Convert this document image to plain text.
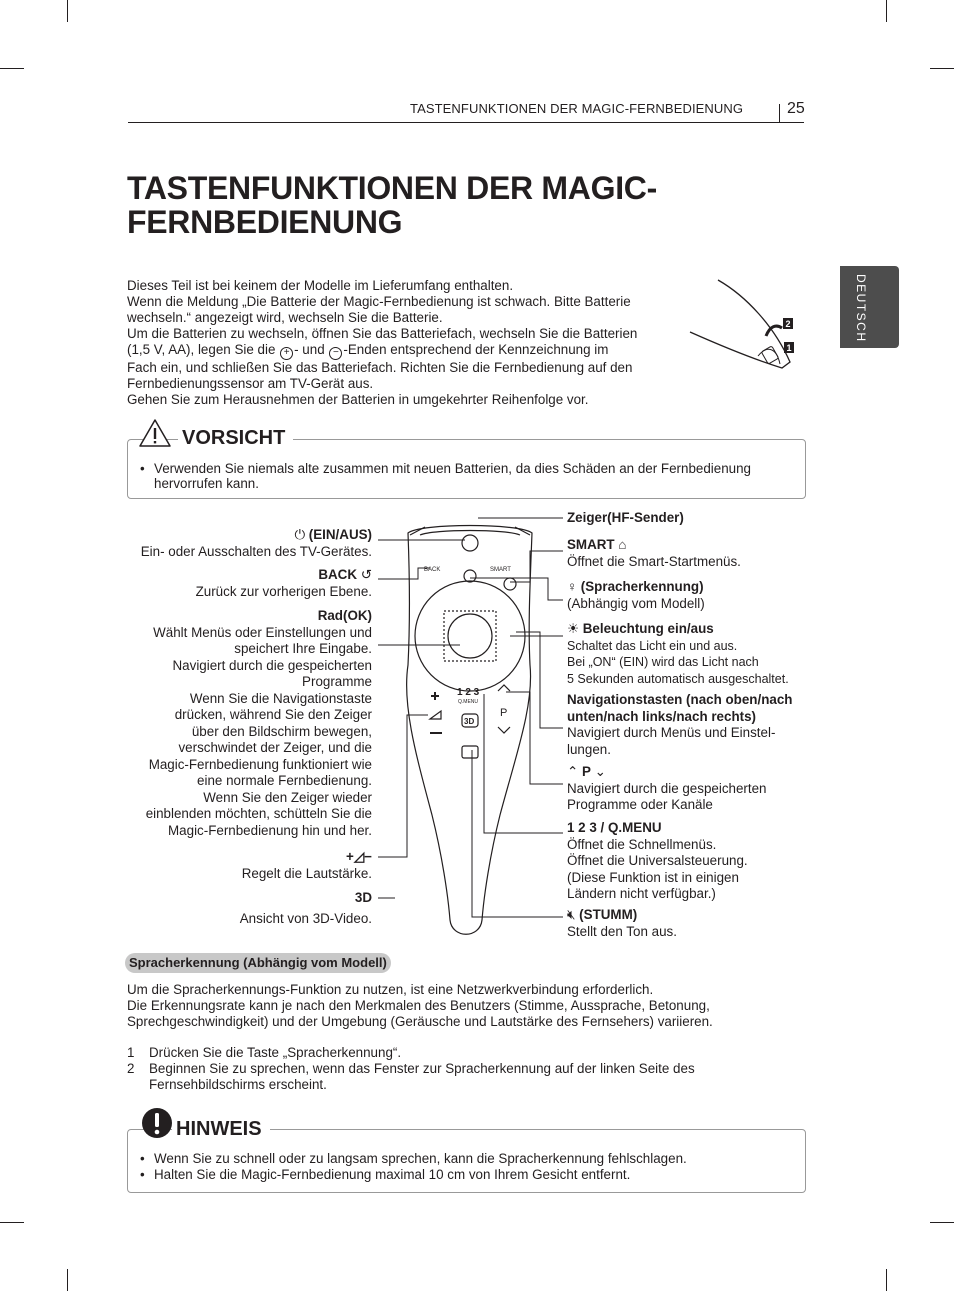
TASTENFUNKTIONEN DER MAGIC-FERNBEDIENUNG	25
DEUTSCH
TASTENFUNKTIONEN DER MAGIC-
FERNBEDIENUNG
Dieses Teil ist bei keinem der Modelle im Lieferumfang enthalten.
Wenn die Meldung „Die Batterie der Magic-Fernbedienung ist schwach. Bitte Batterie
wechseln.“ angezeigt wird, wechseln Sie die Batterie.
Um die Batterien zu wechseln, öffnen Sie das Batteriefach, wechseln Sie die Batterien
(1,5 V, AA), legen Sie die + - und − -Enden entsprechend der Kennzeichnung im
Fach ein, und schließen Sie das Batteriefach. Richten Sie die Fernbedienung auf den
Fernbedienungssensor am TV-Gerät aus.
Gehen Sie zum Herausnehmen der Batterien in umgekehrter Reihenfolge vor.
2
1
VORSICHT
• Verwenden Sie niemals alte zusammen mit neuen Batterien, da dies Schäden an der Fernbedienung hervorrufen kann.
BACK	SMART
1 2 3
Q.MENU
P
3D
⏻ (EIN/AUS)
Ein- oder Ausschalten des TV-Gerätes.
BACK ↺
Zurück zur vorherigen Ebene.
Rad(OK)
Wählt Menüs oder Einstellungen und
speichert Ihre Eingabe.
Navigiert durch die gespeicherten
Programme
Wenn Sie die Navigationstaste
drücken, während Sie den Zeiger
über den Bildschirm bewegen,
verschwindet der Zeiger, und die
Magic-Fernbedienung funktioniert wie
eine normale Fernbedienung.
Wenn Sie den Zeiger wieder
einblenden möchten, schütteln Sie die
Magic-Fernbedienung hin und her.
+◿−
Regelt die Lautstärke.
3D
Ansicht von 3D-Video.
Zeiger(HF-Sender)
SMART ⌂
Öffnet die Smart-Startmenüs.
♀ (Spracherkennung)
(Abhängig vom Modell)
☀ Beleuchtung ein/aus
Schaltet das Licht ein und aus.
Bei „ON“ (EIN) wird das Licht nach
5 Sekunden automatisch ausgeschaltet.
Navigationstasten (nach oben/nach
unten/nach links/nach rechts)
Navigiert durch Menüs und Einstel-
lungen.
⌃ P ⌄
Navigiert durch die gespeicherten
Programme oder Kanäle
1 2 3 / Q.MENU
Öffnet die Schnellmenüs.
Öffnet die Universalsteuerung.
(Diese Funktion ist in einigen
Ländern nicht verfügbar.)
🔇︎ (STUMM)
Stellt den Ton aus.
Spracherkennung (Abhängig vom Modell)
Um die Spracherkennungs-Funktion zu nutzen, ist eine Netzwerkverbindung erforderlich.
Die Erkennungsrate kann je nach den Merkmalen des Benutzers (Stimme, Aussprache, Betonung,
Sprechgeschwindigkeit) und der Umgebung (Geräusche und Lautstärke des Fernsehers) variieren.
1 Drücken Sie die Taste „Spracherkennung“.
2 Beginnen Sie zu sprechen, wenn das Fenster zur Spracherkennung auf der linken Seite des
Fernsehbildschirms erscheint.
HINWEIS
• Wenn Sie zu schnell oder zu langsam sprechen, kann die Spracherkennung fehlschlagen.
• Halten Sie die Magic-Fernbedienung maximal 10 cm von Ihrem Gesicht entfernt.
